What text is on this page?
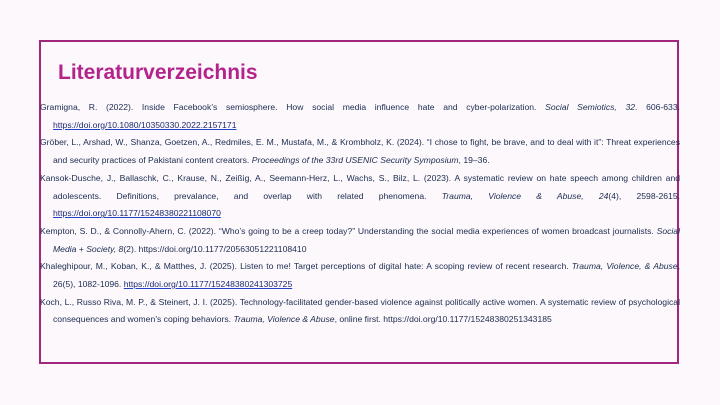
Literaturverzeichnis
Gramigna, R. (2022). Inside Facebook’s semiosphere. How social media influence hate and cyber-polarization. Social Semiotics, 32. 606-633. https://doi.org/10.1080/10350330.2022.2157171
Gröber, L., Arshad, W., Shanza, Goetzen, A., Redmiles, E. M., Mustafa, M., & Krombholz, K. (2024). “I chose to fight, be brave, and to deal with it”: Threat experiences and security practices of Pakistani content creators. Proceedings of the 33rd USENIC Security Symposium, 19–36.
Kansok-Dusche, J., Ballaschk, C., Krause, N., Zeißig, A., Seemann-Herz, L., Wachs, S., Bilz, L. (2023). A systematic review on hate speech among children and adolescents. Definitions, prevalance, and overlap with related phenomena. Trauma, Violence & Abuse, 24(4), 2598-2615. https://doi.org/10.1177/15248380221108070
Kempton, S. D., & Connolly-Ahern, C. (2022). “Who’s going to be a creep today?” Understanding the social media experiences of women broadcast journalists. Social Media + Society, 8(2). https://doi.org/10.1177/20563051221108410
Khaleghipour, M., Koban, K., & Matthes, J. (2025). Listen to me! Target perceptions of digital hate: A scoping review of recent research. Trauma, Violence, & Abuse, 26(5), 1082-1096. https://doi.org/10.1177/15248380241303725
Koch, L., Russo Riva, M. P., & Steinert, J. I. (2025). Technology-facilitated gender-based violence against politically active women. A systematic review of psychological consequences and women’s coping behaviors. Trauma, Violence & Abuse, online first. https://doi.org/10.1177/15248380251343185
